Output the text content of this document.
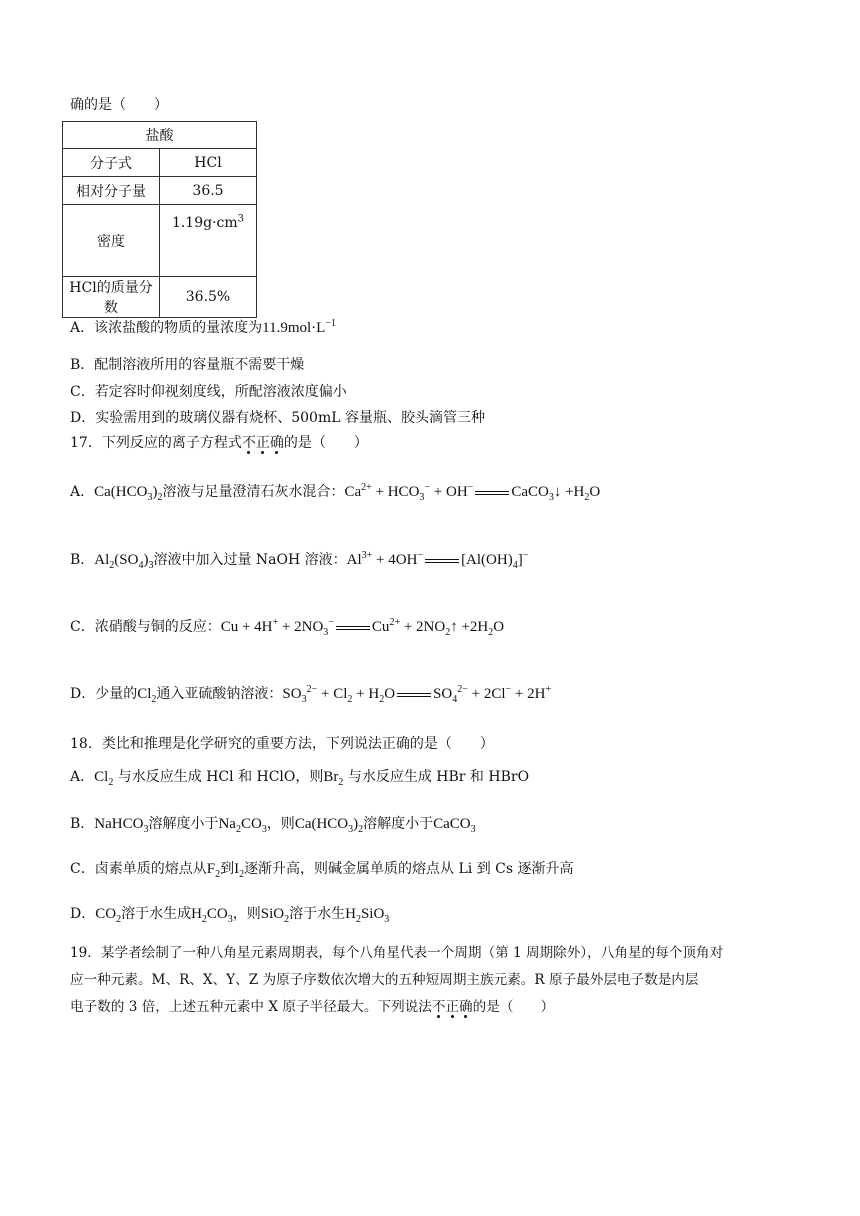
确的是（　　）
盐酸	
分子式	HCl
相对分子量	36.5
密度	$1.19g\cdot cm^3$
HCl的质量分数	36.5%
A．该浓盐酸的物质的量浓度为$11.9mol\cdot L^{-1}$
B．配制溶液所用的容量瓶不需要干燥
C．若定容时仰视刻度线，所配溶液浓度偏小
D．实验需用到的玻璃仪器有烧杯、500mL 容量瓶、胶头滴管三种
17．下列反应的离子方程式不正确的是（　　）
A．$Ca(HCO_3)_2$溶液与足量澄清石灰水混合：$Ca^{2+} + HCO_3^- + OH^-$	CaCO$_3$↓ $+H_2O$
B．$Al_2(SO_4)_3$溶液中加入过量 NaOH 溶液：$Al^{3+} + 4OH^-$	$[Al(OH)_4]^-$
C．浓硝酸与铜的反应：$Cu + 4H^+ + 2NO_3^-$	$Cu^{2+}$ + $2NO_2↑ +2H_2O$
D．少量的$Cl_2$通入亚硫酸钠溶液：$SO_3^{2-} + Cl_2 + H_2O$	$SO_4^{2-} + 2Cl^- + 2H^+$
18．类比和推理是化学研究的重要方法，下列说法正确的是（　　）
A．$Cl_2$ 与水反应生成 HCl 和 HClO，则$Br_2$ 与水反应生成 HBr 和 HBrO
B．NaHCO$_3$溶解度小于$Na_2CO_3$，则$Ca(HCO_3)_2$溶解度小于CaCO$_3$
C．卤素单质的熔点从$F_2$到$I_2$逐渐升高，则碱金属单质的熔点从 Li 到 Cs 逐渐升高
D．$CO_2$溶于水生成$H_2CO_3$，则SiO$_2$溶于水生$H_2SiO_3$
19．某学者绘制了一种八角星元素周期表，每个八角星代表一个周期（第 1 周期除外），八角星的每个顶角对
应一种元素。M、R、X、Y、Z 为原子序数依次增大的五种短周期主族元素。R 原子最外层电子数是内层
电子数的 3 倍，上述五种元素中 X 原子半径最大。下列说法不正确的是（　　）
